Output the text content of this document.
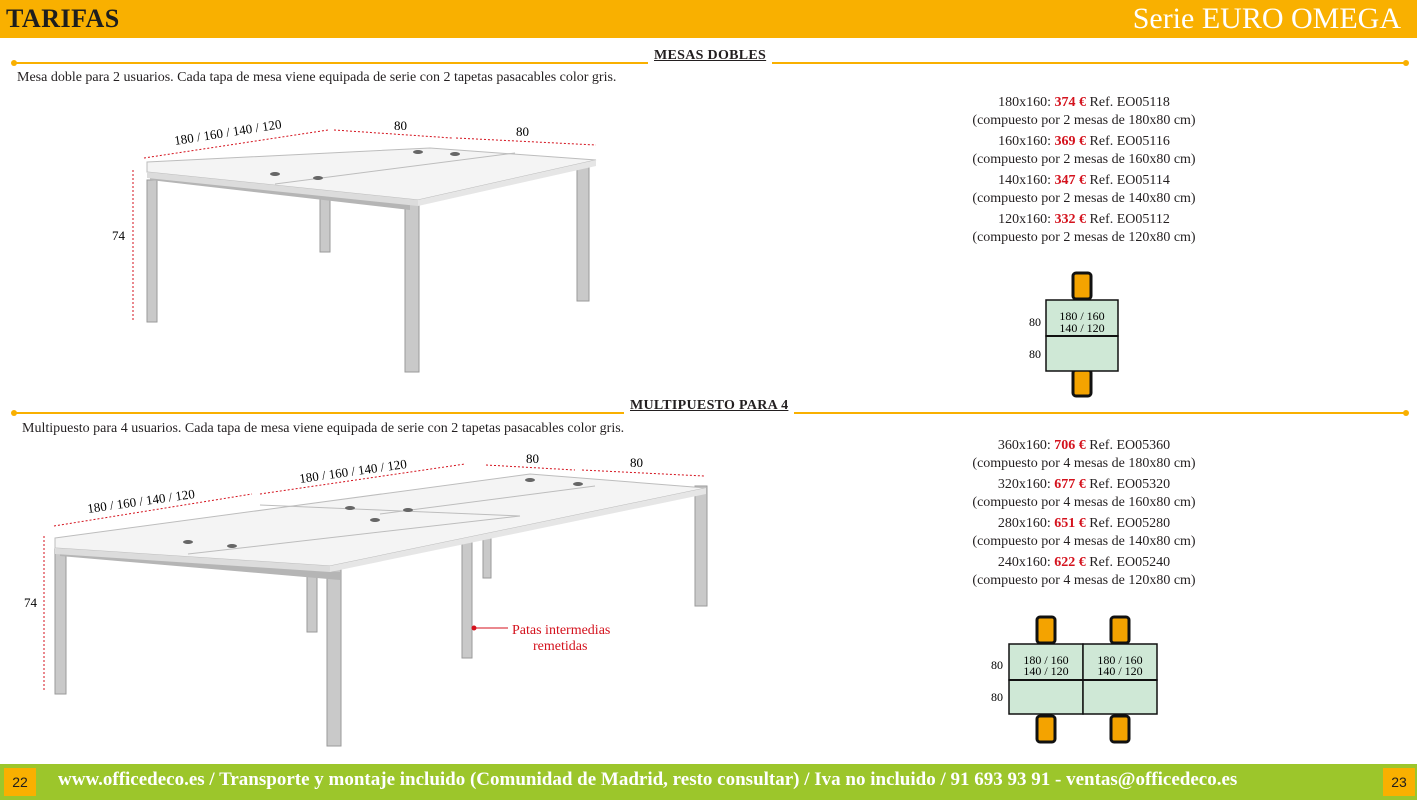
TARIFAS	Serie EURO OMEGA
MESAS DOBLES
Mesa doble para 2 usuarios. Cada tapa de mesa viene equipada de serie con 2 tapetas pasacables color gris.
180 / 160 / 140 / 120	80	80
74
180x160: 374 € Ref. EO05118
(compuesto por 2 mesas de 180x80 cm)
160x160: 369 € Ref. EO05116
(compuesto por 2 mesas de 160x80 cm)
140x160: 347 € Ref. EO05114
(compuesto por 2 mesas de 140x80 cm)
120x160: 332 € Ref. EO05112
(compuesto por 2 mesas de 120x80 cm)
180 / 160
140 / 120
80
80
MULTIPUESTO PARA 4
Multipuesto para 4 usuarios. Cada tapa de mesa viene equipada de serie con 2 tapetas pasacables color gris.
180 / 160 / 140 / 120
180 / 160 / 140 / 120	80	80
74
Patas intermedias
remetidas
360x160: 706 € Ref. EO05360
(compuesto por 4 mesas de 180x80 cm)
320x160: 677 € Ref. EO05320
(compuesto por 4 mesas de 160x80 cm)
280x160: 651 € Ref. EO05280
(compuesto por 4 mesas de 140x80 cm)
240x160: 622 € Ref. EO05240
(compuesto por 4 mesas de 120x80 cm)
180 / 160
140 / 120
180 / 160
140 / 120
80
80
www.officedeco.es / Transporte y montaje incluido (Comunidad de Madrid, resto consultar) / Iva no incluido / 91 693 93 91 - ventas@officedeco.es
22	23
